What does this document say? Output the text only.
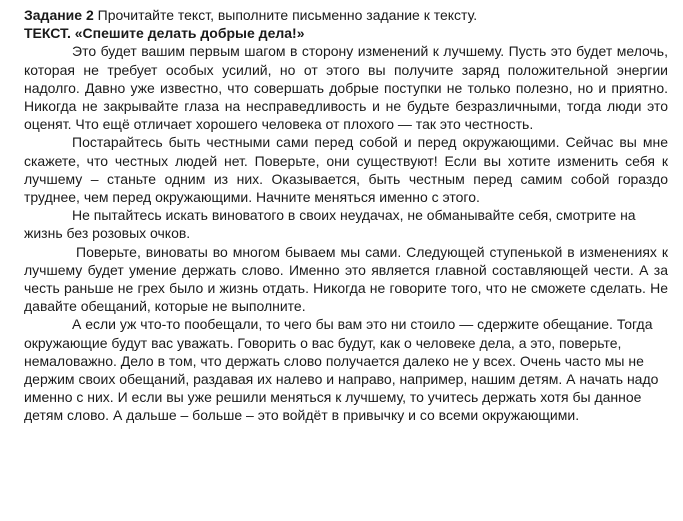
Задание 2 Прочитайте текст, выполните письменно задание к тексту.

ТЕКСТ. «Спешите делать добрые дела!»

Это будет вашим первым шагом в сторону изменений к лучшему. Пусть это будет мелочь, которая не требует особых усилий, но от этого вы получите заряд положительной энергии надолго. Давно уже известно, что совершать добрые поступки не только полезно, но и приятно. Никогда не закрывайте глаза на несправедливость и не будьте безразличными, тогда люди это оценят. Что ещё отличает хорошего человека от плохого — так это честность.

Постарайтесь быть честными сами перед собой и перед окружающими. Сейчас вы мне скажете, что честных людей нет. Поверьте, они существуют! Если вы хотите изменить себя к лучшему – станьте одним из них. Оказывается, быть честным перед самим собой гораздо труднее, чем перед окружающими. Начните меняться именно с этого.

Не пытайтесь искать виноватого в своих неудачах, не обманывайте себя, смотрите на жизнь без розовых очков.

Поверьте, виноваты во многом бываем мы сами. Следующей ступенькой в изменениях к лучшему будет умение держать слово. Именно это является главной составляющей чести. А за честь раньше не грех было и жизнь отдать. Никогда не говорите того, что не сможете сделать. Не давайте обещаний, которые не выполните.

А если уж что-то пообещали, то чего бы вам это ни стоило — сдержите обещание. Тогда окружающие будут вас уважать. Говорить о вас будут, как о человеке дела, а это, поверьте, немаловажно. Дело в том, что держать слово получается далеко не у всех. Очень часто мы не держим своих обещаний, раздавая их налево и направо, например, нашим детям. А начать надо именно с них. И если вы уже решили меняться к лучшему, то учитесь держать хотя бы данное детям слово. А дальше – больше – это войдёт в привычку и со всеми окружающими.
